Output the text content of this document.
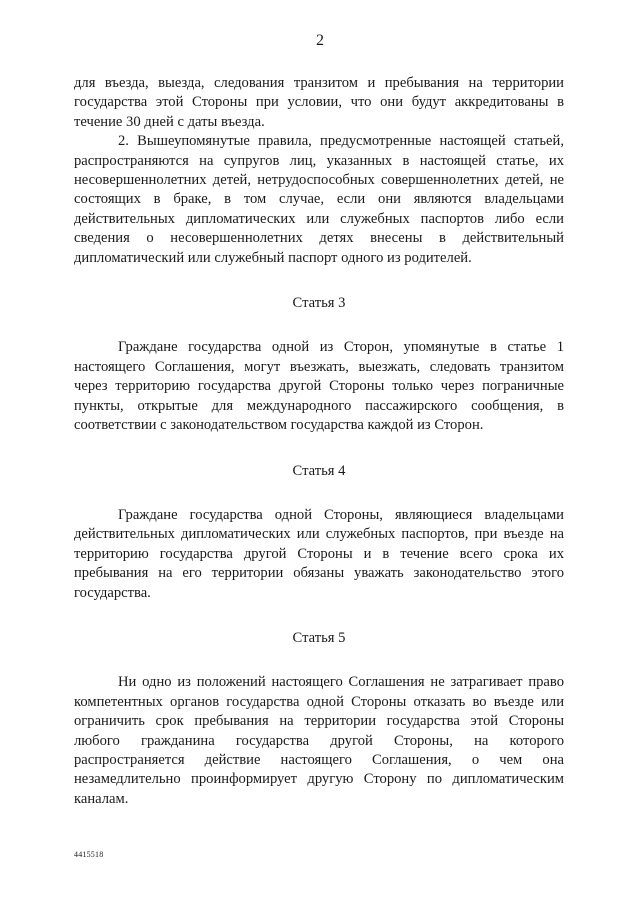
2

для въезда, выезда, следования транзитом и пребывания на территории государства этой Стороны при условии, что они будут аккредитованы в течение 30 дней с даты въезда.

2. Вышеупомянутые правила, предусмотренные настоящей статьей, распространяются на супругов лиц, указанных в настоящей статье, их несовершеннолетних детей, нетрудоспособных совершеннолетних детей, не состоящих в браке, в том случае, если они являются владельцами действительных дипломатических или служебных паспортов либо если сведения о несовершеннолетних детях внесены в действительный дипломатический или служебный паспорт одного из родителей.

Статья 3

Граждане государства одной из Сторон, упомянутые в статье 1 настоящего Соглашения, могут въезжать, выезжать, следовать транзитом через территорию государства другой Стороны только через пограничные пункты, открытые для международного пассажирского сообщения, в соответствии с законодательством государства каждой из Сторон.

Статья 4

Граждане государства одной Стороны, являющиеся владельцами действительных дипломатических или служебных паспортов, при въезде на территорию государства другой Стороны и в течение всего срока их пребывания на его территории обязаны уважать законодательство этого государства.

Статья 5

Ни одно из положений настоящего Соглашения не затрагивает право компетентных органов государства одной Стороны отказать во въезде или ограничить срок пребывания на территории государства этой Стороны любого гражданина государства другой Стороны, на которого распространяется действие настоящего Соглашения, о чем она незамедлительно проинформирует другую Сторону по дипломатическим каналам.

4415518
